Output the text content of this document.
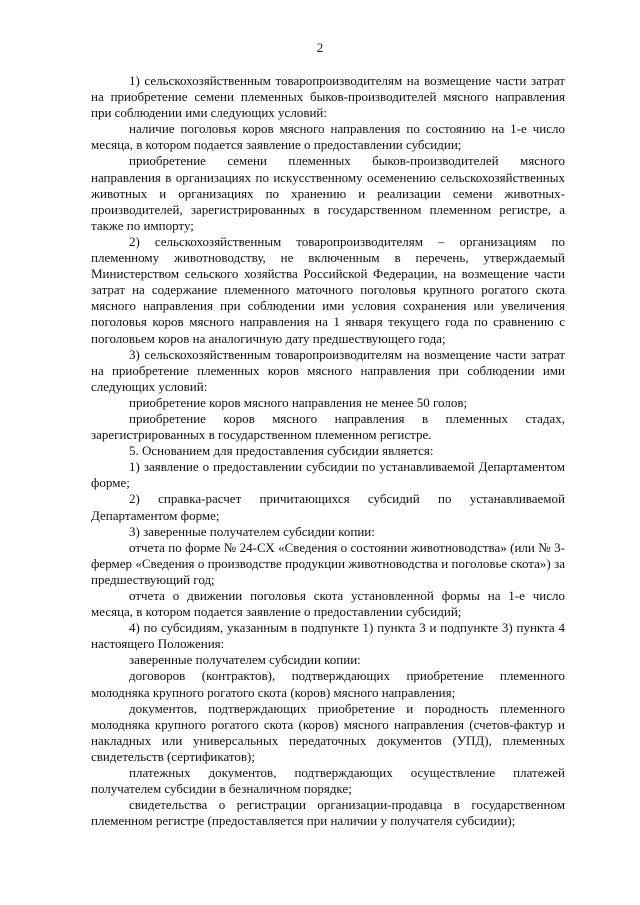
2

1) сельскохозяйственным товаропроизводителям на возмещение части затрат на приобретение семени племенных быков-производителей мясного направления при соблюдении ими следующих условий:

наличие поголовья коров мясного направления по состоянию на 1-е число месяца, в котором подается заявление о предоставлении субсидии;

приобретение семени племенных быков-производителей мясного направления в организациях по искусственному осеменению сельскохозяйственных животных и организациях по хранению и реализации семени животных-производителей, зарегистрированных в государственном племенном регистре, а также по импорту;

2) сельскохозяйственным товаропроизводителям – организациям по племенному животноводству, не включенным в перечень, утверждаемый Министерством сельского хозяйства Российской Федерации, на возмещение части затрат на содержание племенного маточного поголовья крупного рогатого скота мясного направления при соблюдении ими условия сохранения или увеличения поголовья коров мясного направления на 1 января текущего года по сравнению с поголовьем коров на аналогичную дату предшествующего года;

3) сельскохозяйственным товаропроизводителям на возмещение части затрат на приобретение племенных коров мясного направления при соблюдении ими следующих условий:

приобретение коров мясного направления не менее 50 голов;

приобретение коров мясного направления в племенных стадах, зарегистрированных в государственном племенном регистре.

5. Основанием для предоставления субсидии является:

1) заявление о предоставлении субсидии по устанавливаемой Департаментом форме;

2) справка-расчет причитающихся субсидий по устанавливаемой Департаментом форме;

3) заверенные получателем субсидии копии:

отчета по форме № 24-СХ «Сведения о состоянии животноводства» (или № 3-фермер «Сведения о производстве продукции животноводства и поголовье скота») за предшествующий год;

отчета о движении поголовья скота установленной формы на 1-е число месяца, в котором подается заявление о предоставлении субсидий;

4) по субсидиям, указанным в подпункте 1) пункта 3 и подпункте 3) пункта 4 настоящего Положения:

заверенные получателем субсидии копии:

договоров (контрактов), подтверждающих приобретение племенного молодняка крупного рогатого скота (коров) мясного направления;

документов, подтверждающих приобретение и породность племенного молодняка крупного рогатого скота (коров) мясного направления (счетов-фактур и накладных или универсальных передаточных документов (УПД), племенных свидетельств (сертификатов);

платежных документов, подтверждающих осуществление платежей получателем субсидии в безналичном порядке;

свидетельства о регистрации организации-продавца в государственном племенном регистре (предоставляется при наличии у получателя субсидии);
